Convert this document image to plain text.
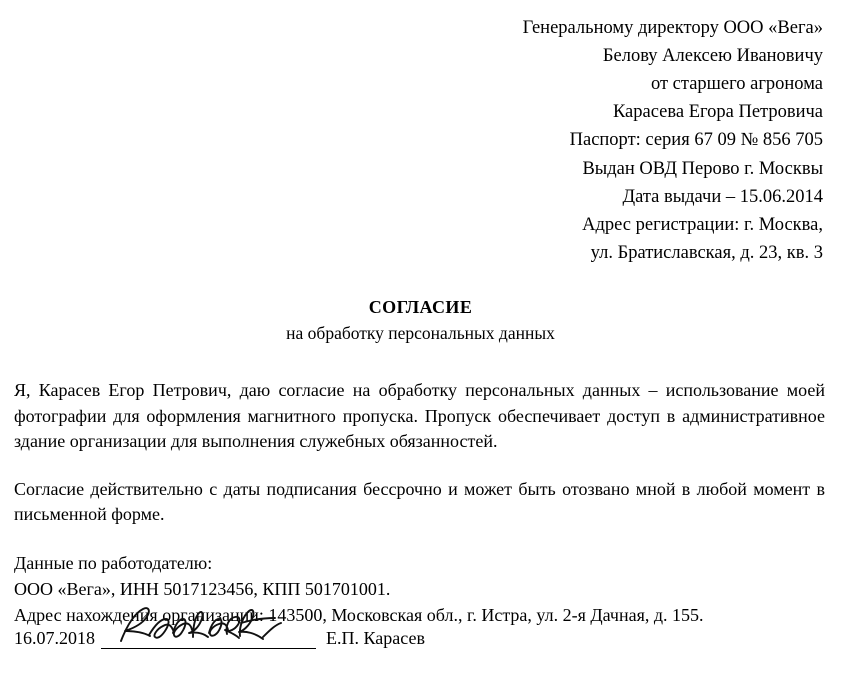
Генеральному директору ООО «Вега»
Белову Алексею Ивановичу
от старшего агронома
Карасева Егора Петровича
Паспорт: серия 67 09 № 856 705
Выдан ОВД Перово г. Москвы
Дата выдачи – 15.06.2014
Адрес регистрации: г. Москва,
ул. Братиславская, д. 23, кв. 3
СОГЛАСИЕ
на обработку персональных данных

Я, Карасев Егор Петрович, даю согласие на обработку персональных данных – использование моей фотографии для оформления магнитного пропуска. Пропуск обеспечивает доступ в административное здание организации для выполнения служебных обязанностей.

Согласие действительно с даты подписания бессрочно и может быть отозвано мной в любой момент в письменной форме.

Данные по работодателю:
ООО «Вега», ИНН 5017123456, КПП 501701001.
Адрес нахождения организации: 143500, Московская обл., г. Истра, ул. 2-я Дачная, д. 155.
16.07.2018	Е.П. Карасев
